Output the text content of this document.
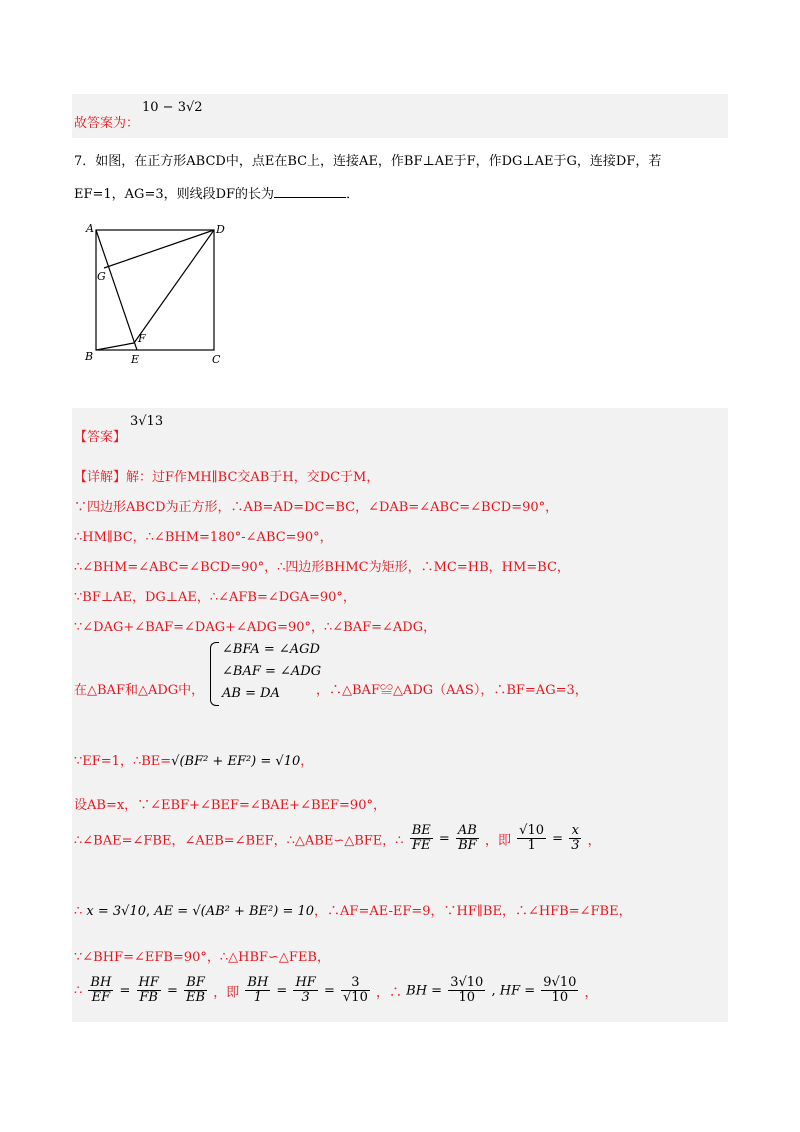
故答案为：
10 − 3√2
7．如图，在正方形ABCD中，点E在BC上，连接AE，作BF⊥AE于F，作DG⊥AE于G，连接DF，若
EF=1，AG=3，则线段DF的长为	．
A	D
G
F
B	E	C
【答案】
3√13
【详解】解：过F作MH∥BC交AB于H，交DC于M，
∵四边形ABCD为正方形，∴AB=AD=DC=BC，∠DAB=∠ABC=∠BCD=90°，
∴HM∥BC，∴∠BHM=180°-∠ABC=90°，
∴∠BHM=∠ABC=∠BCD=90°，∴四边形BHMC为矩形，∴MC=HB，HM=BC，
∵BF⊥AE，DG⊥AE，∴∠AFB=∠DGA=90°，
∵∠DAG+∠BAF=∠DAG+∠ADG=90°，∴∠BAF=∠ADG，
在△BAF和△ADG中，
∠BFA = ∠AGD
∠BAF = ∠ADG
AB = DA	，∴△BAF≌△ADG（AAS），∴BF=AG=3，
∵EF=1，∴BE=√(BF² + EF²) = √10，
设AB=x，∵∠EBF+∠BEF=∠BAE+∠BEF=90°，
∴∠BAE=∠FBE，∠AEB=∠BEF，∴△ABE∽△BFE，∴ $\frac{BE}{FE} = \frac{AB}{BF}$ ，即 $\frac{√10}{1} = \frac{x}{3}$ ，
∴ x = 3√10, AE = √(AB² + BE²) = 10，∴AF=AE-EF=9，∵HF∥BE，∴∠HFB=∠FBE，
∵∠BHF=∠EFB=90°，∴△HBF∽△FEB，
∴ $\frac{BH}{EF} = \frac{HF}{FB} = \frac{BF}{EB}$ ，即 $\frac{BH}{1} = \frac{HF}{3} = \frac{3}{√10}$ ，∴ BH = $\frac{3√10}{10}$ , HF = $\frac{9√10}{10}$ ，
